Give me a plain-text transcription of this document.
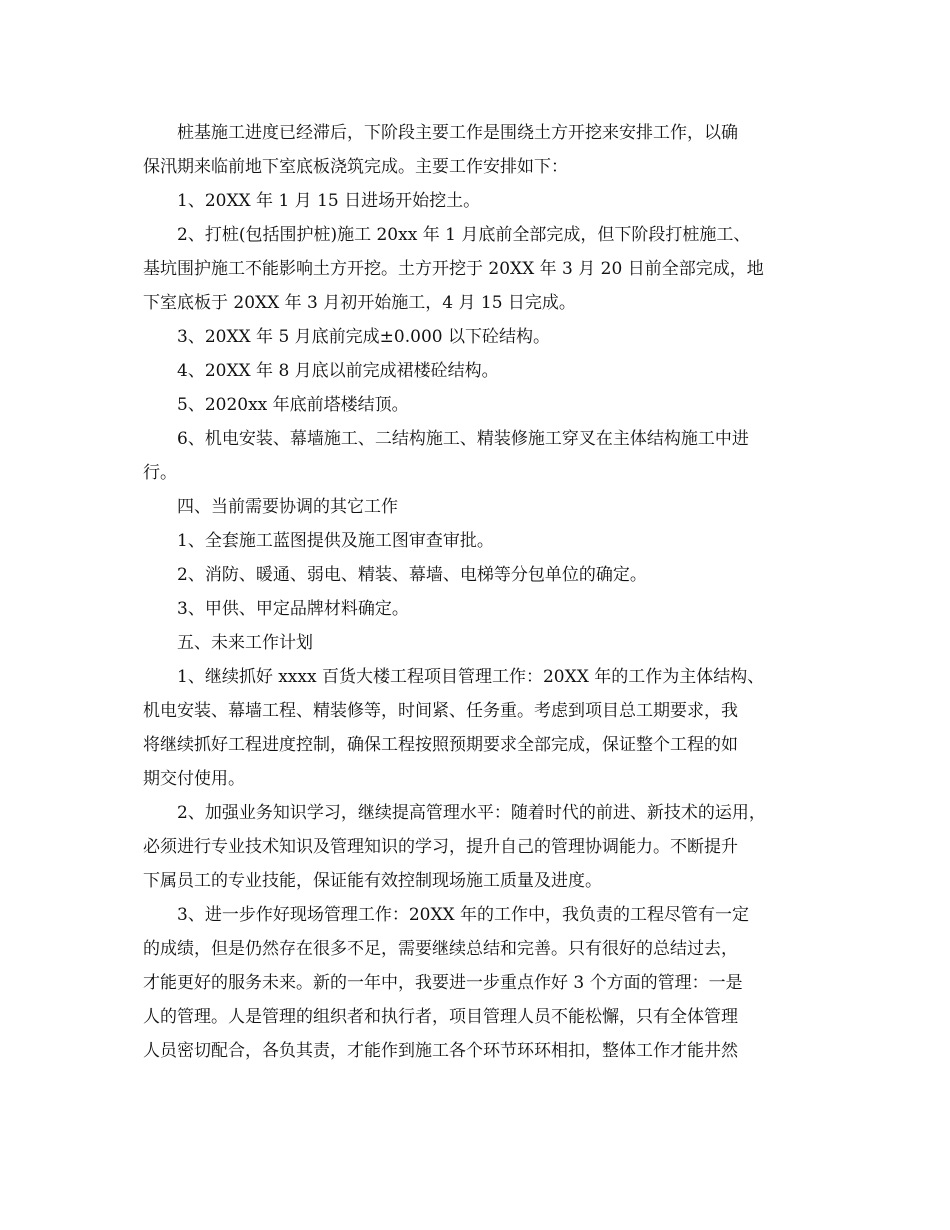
桩基施工进度已经滞后，下阶段主要工作是围绕土方开挖来安排工作，以确
保汛期来临前地下室底板浇筑完成。主要工作安排如下：
1、20XX 年 1 月 15 日进场开始挖土。
2、打桩(包括围护桩)施工 20xx 年 1 月底前全部完成，但下阶段打桩施工、
基坑围护施工不能影响土方开挖。土方开挖于 20XX 年 3 月 20 日前全部完成，地
下室底板于 20XX 年 3 月初开始施工，4 月 15 日完成。
3、20XX 年 5 月底前完成±0.000 以下砼结构。
4、20XX 年 8 月底以前完成裙楼砼结构。
5、2020xx 年底前塔楼结顶。
6、机电安装、幕墙施工、二结构施工、精装修施工穿叉在主体结构施工中进
行。
四、当前需要协调的其它工作
1、全套施工蓝图提供及施工图审查审批。
2、消防、暖通、弱电、精装、幕墙、电梯等分包单位的确定。
3、甲供、甲定品牌材料确定。
五、未来工作计划
1、继续抓好 xxxx 百货大楼工程项目管理工作：20XX 年的工作为主体结构、
机电安装、幕墙工程、精装修等，时间紧、任务重。考虑到项目总工期要求，我
将继续抓好工程进度控制，确保工程按照预期要求全部完成，保证整个工程的如
期交付使用。
2、加强业务知识学习，继续提高管理水平：随着时代的前进、新技术的运用，
必须进行专业技术知识及管理知识的学习，提升自己的管理协调能力。不断提升
下属员工的专业技能，保证能有效控制现场施工质量及进度。
3、进一步作好现场管理工作：20XX 年的工作中，我负责的工程尽管有一定
的成绩，但是仍然存在很多不足，需要继续总结和完善。只有很好的总结过去，
才能更好的服务未来。新的一年中，我要进一步重点作好 3 个方面的管理：一是
人的管理。人是管理的组织者和执行者，项目管理人员不能松懈，只有全体管理
人员密切配合，各负其责，才能作到施工各个环节环环相扣，整体工作才能井然
